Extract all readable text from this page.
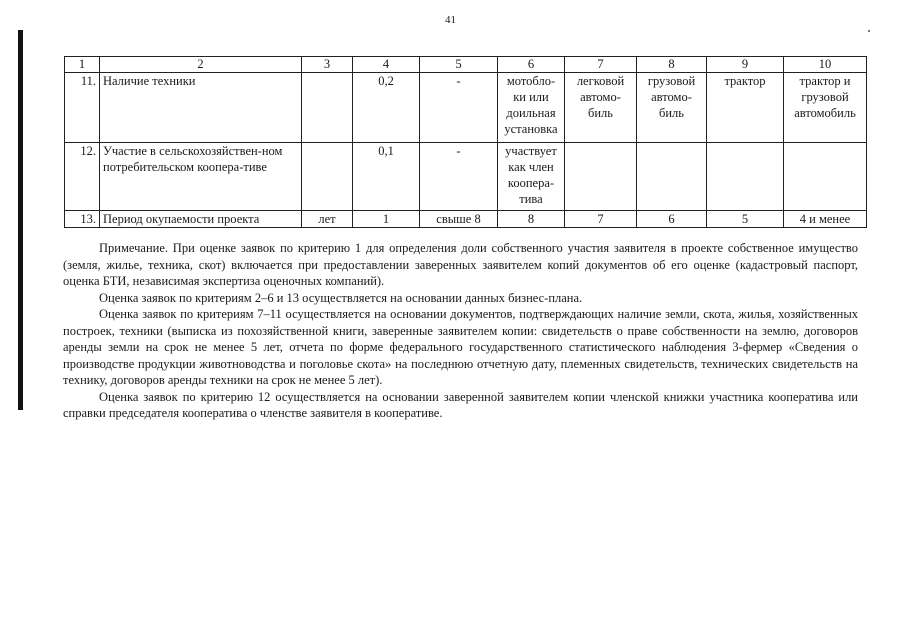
41
1	2	3	4	5	6	7	8	9	10
11.	Наличие техники		0,2	-	мотобло-ки или доильная установка	легковой автомо-биль	грузовой автомо-биль	трактор	трактор и грузовой автомобиль
12.	Участие в сельскохозяйствен-ном потребительском коопера-тиве		0,1	-	участвует как член коопера-тива				
13.	Период окупаемости проекта	лет	1	свыше 8	8	7	6	5	4 и менее

Примечание. При оценке заявок по критерию 1 для определения доли собственного участия заявителя в проекте собственное имущество (земля, жилье, техника, скот) включается при предоставлении заверенных заявителем копий документов об его оценке (кадастровый паспорт, оценка БТИ, независимая экспертиза оценочных компаний).

Оценка заявок по критериям 2–6 и 13 осуществляется на основании данных бизнес-плана.

Оценка заявок по критериям 7–11 осуществляется на основании документов, подтверждающих наличие земли, скота, жилья, хозяйственных построек, техники (выписка из похозяйственной книги, заверенные заявителем копии: свидетельств о праве собственности на землю, договоров аренды земли на срок не менее 5 лет, отчета по форме федерального государственного статистического наблюдения 3-фермер «Сведения о производстве продукции животноводства и поголовье скота» на последнюю отчетную дату, племенных свидетельств, технических свидетельств на технику, договоров аренды техники на срок не менее 5 лет).

Оценка заявок по критерию 12 осуществляется на основании заверенной заявителем копии членской книжки участника кооператива или справки председателя кооператива о членстве заявителя в кооперативе.
